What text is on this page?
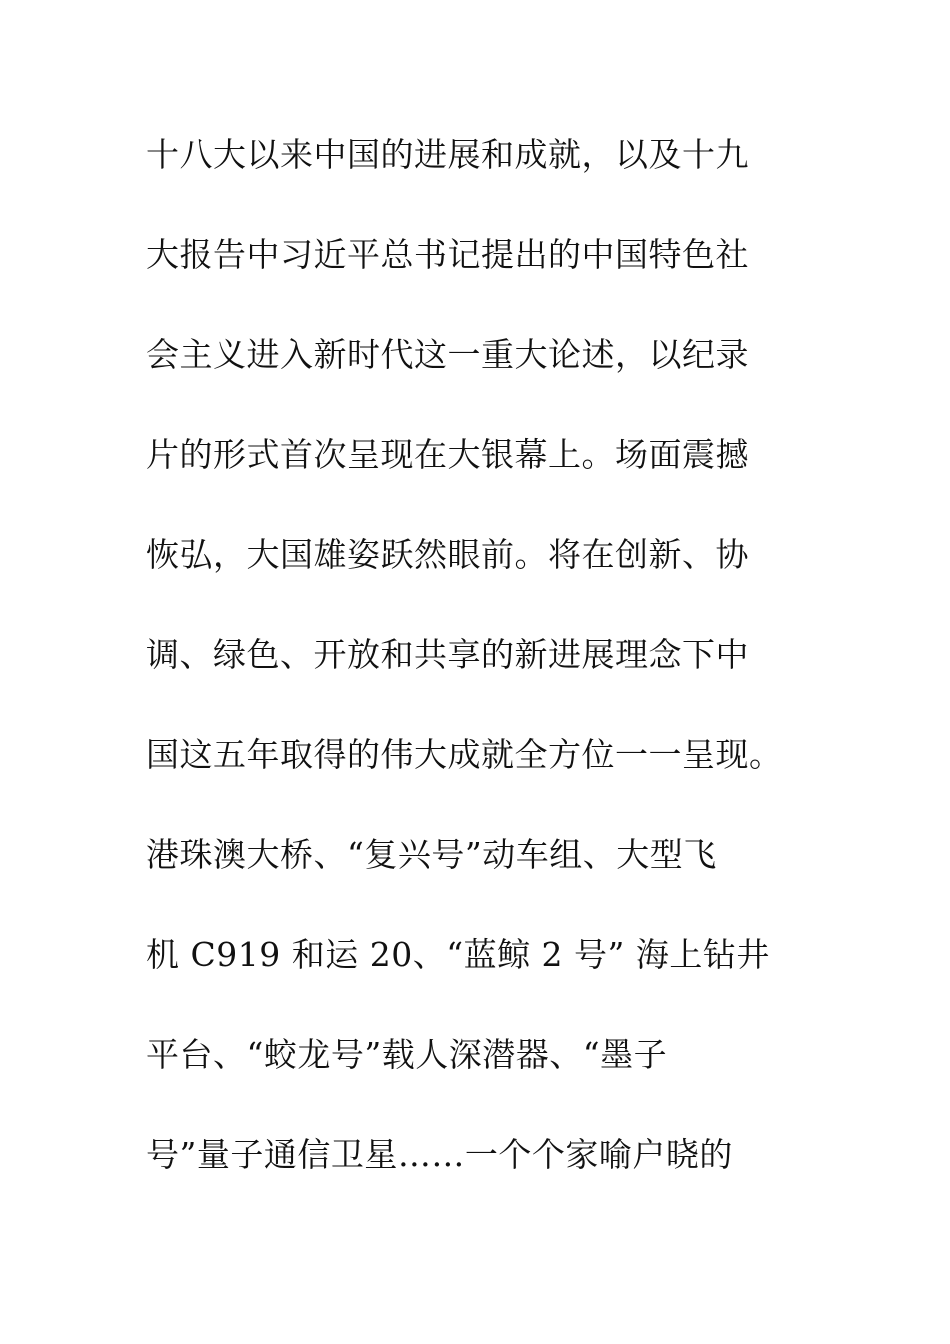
十八大以来中国的进展和成就，以及十九
大报告中习近平总书记提出的中国特色社
会主义进入新时代这一重大论述，以纪录
片的形式首次呈现在大银幕上。场面震撼
恢弘，大国雄姿跃然眼前。将在创新、协
调、绿色、开放和共享的新进展理念下中
国这五年取得的伟大成就全方位一一呈现。
港珠澳大桥、“复兴号”动车组、大型飞
机 C919 和运 20、“蓝鲸 2 号” 海上钻井
平台、“蛟龙号”载人深潜器、“墨子
号”量子通信卫星……一个个家喻户晓的
